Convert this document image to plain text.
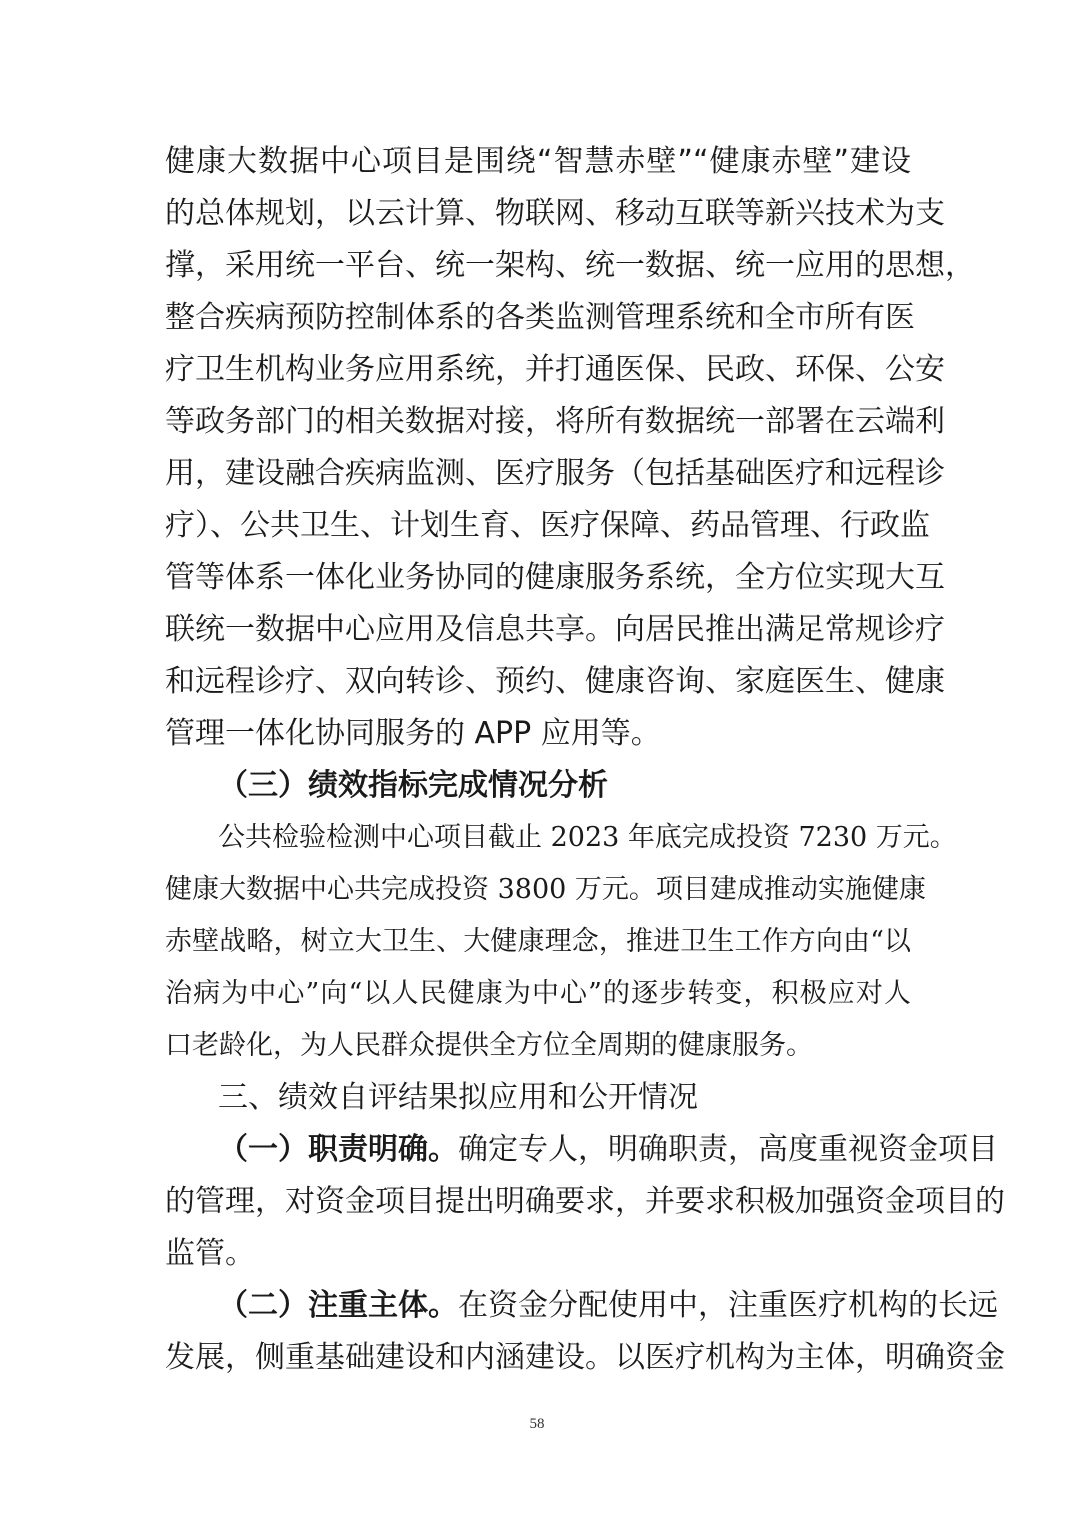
健康大数据中心项目是围绕“智慧赤壁”“健康赤壁”建设

的总体规划，以云计算、物联网、移动互联等新兴技术为支

撑，采用统一平台、统一架构、统一数据、统一应用的思想，

整合疾病预防控制体系的各类监测管理系统和全市所有医

疗卫生机构业务应用系统，并打通医保、民政、环保、公安

等政务部门的相关数据对接，将所有数据统一部署在云端利

用，建设融合疾病监测、医疗服务（包括基础医疗和远程诊

疗）、公共卫生、计划生育、医疗保障、药品管理、行政监

管等体系一体化业务协同的健康服务系统，全方位实现大互

联统一数据中心应用及信息共享。向居民推出满足常规诊疗

和远程诊疗、双向转诊、预约、健康咨询、家庭医生、健康

管理一体化协同服务的 APP 应用等。

（三）绩效指标完成情况分析

公共检验检测中心项目截止 2023 年底完成投资 7230 万元。

健康大数据中心共完成投资 3800 万元。项目建成推动实施健康

赤壁战略，树立大卫生、大健康理念，推进卫生工作方向由“以

治病为中心”向“以人民健康为中心”的逐步转变，积极应对人

口老龄化，为人民群众提供全方位全周期的健康服务。

三、绩效自评结果拟应用和公开情况

（一）职责明确。确定专人，明确职责，高度重视资金项目

的管理，对资金项目提出明确要求，并要求积极加强资金项目的

监管。

（二）注重主体。在资金分配使用中，注重医疗机构的长远

发展，侧重基础建设和内涵建设。以医疗机构为主体，明确资金

58
